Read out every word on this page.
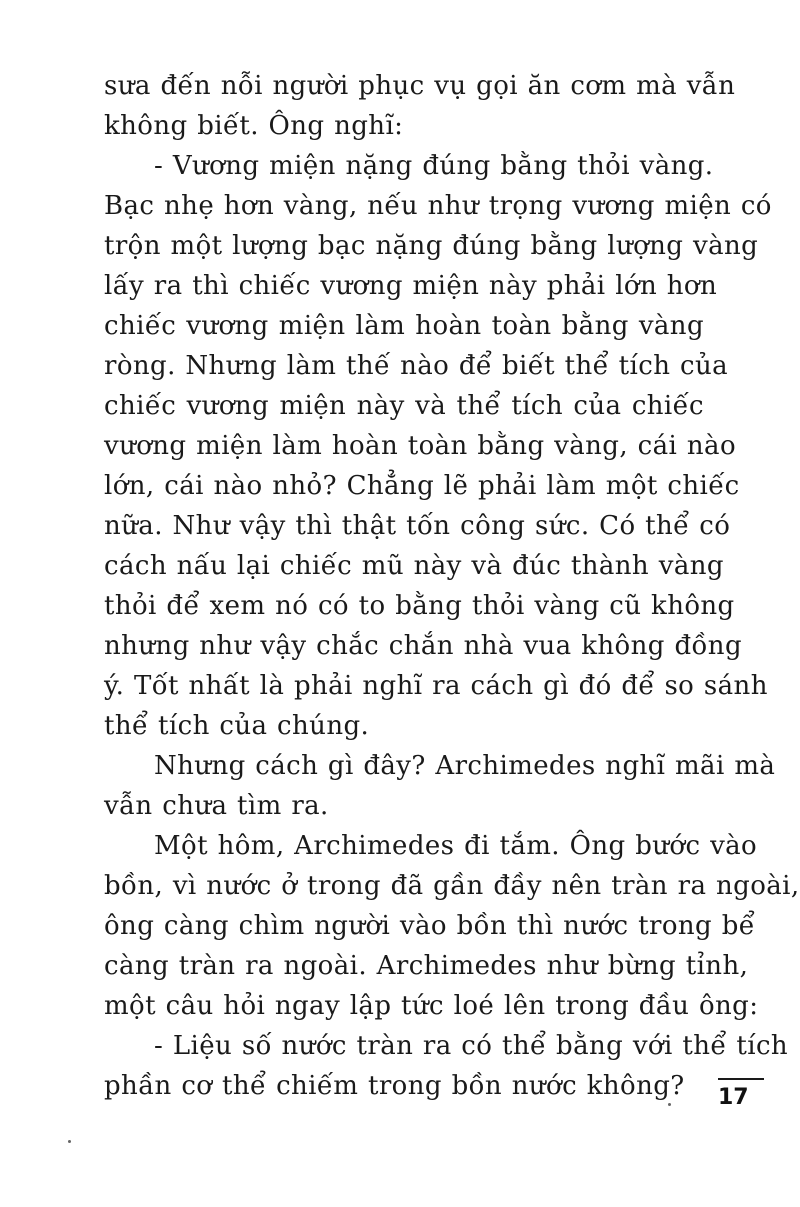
sưa đến nỗi người phục vụ gọi ăn cơm mà vẫn
không biết. Ông nghĩ:
- Vương miện nặng đúng bằng thỏi vàng.
Bạc nhẹ hơn vàng, nếu như trọng vương miện có
trộn một lượng bạc nặng đúng bằng lượng vàng
lấy ra thì chiếc vương miện này phải lớn hơn
chiếc vương miện làm hoàn toàn bằng vàng
ròng. Nhưng làm thế nào để biết thể tích của
chiếc vương miện này và thể tích của chiếc
vương miện làm hoàn toàn bằng vàng, cái nào
lớn, cái nào nhỏ? Chẳng lẽ phải làm một chiếc
nữa. Như vậy thì thật tốn công sức. Có thể có
cách nấu lại chiếc mũ này và đúc thành vàng
thỏi để xem nó có to bằng thỏi vàng cũ không
nhưng như vậy chắc chắn nhà vua không đồng
ý. Tốt nhất là phải nghĩ ra cách gì đó để so sánh
thể tích của chúng.
Nhưng cách gì đây? Archimedes nghĩ mãi mà
vẫn chưa tìm ra.
Một hôm, Archimedes đi tắm. Ông bước vào
bồn, vì nước ở trong đã gần đầy nên tràn ra ngoài,
ông càng chìm người vào bồn thì nước trong bể
càng tràn ra ngoài. Archimedes như bừng tỉnh,
một câu hỏi ngay lập tức loé lên trong đầu ông:
- Liệu số nước tràn ra có thể bằng với thể tích
phần cơ thể chiếm trong bồn nước không?	17
